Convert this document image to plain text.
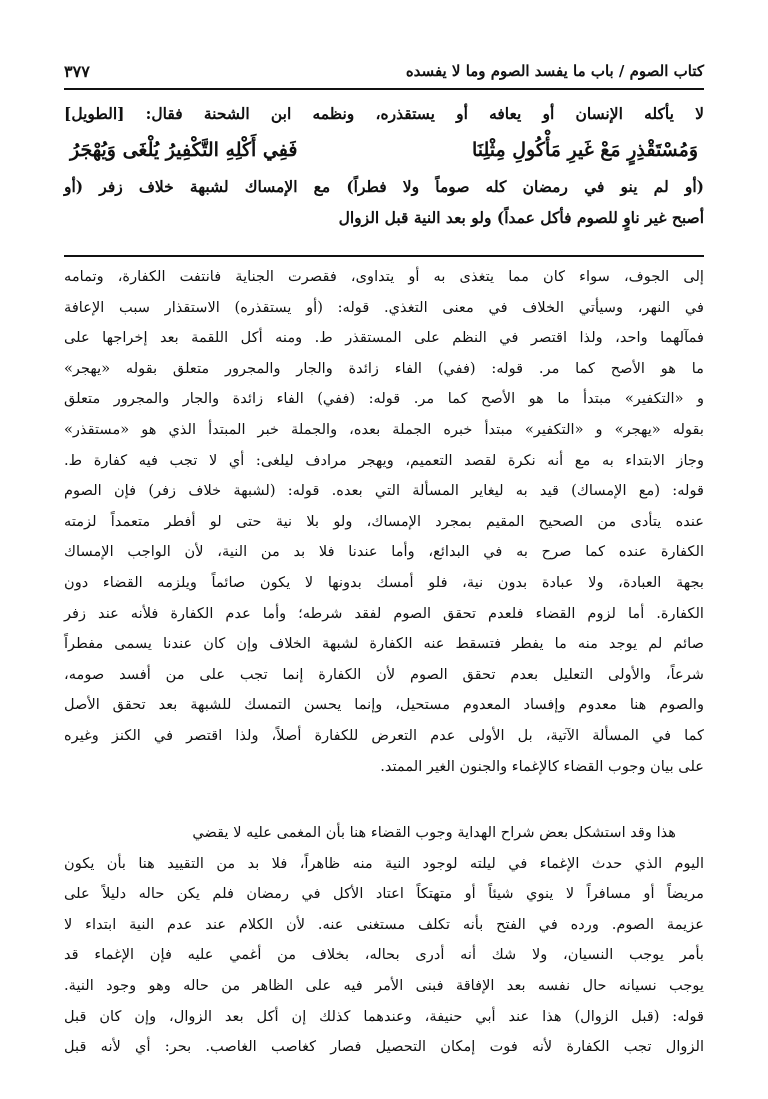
كتاب الصوم / باب ما يفسد الصوم وما لا يفسده
٣٧٧
لا يأكله الإنسان أو يعافه أو يستقذره، ونظمه ابن الشحنة فقال: [الطويل]
وَمُسْتَقْذِرٍ مَعْ غَيرِ مَأْكُولِ مِثْلِنَا
فَفِي أَكْلِهِ التَّكْفِيرُ يُلْغَى وَيُهْجَرُ
(أو لم ينو في رمضان كله صوماً ولا فطراً) مع الإمساك لشبهة خلاف زفر (أو
أصبح غير ناوٍ للصوم فأكل عمداً) ولو بعد النية قبل الزوال
إلى الجوف، سواء كان مما يتغذى به أو يتداوى، فقصرت الجناية فانتفت الكفارة، وتمامه
في النهر، وسيأتي الخلاف في معنى التغذي. قوله: (أو يستقذره) الاستقذار سبب الإعافة
فمآلهما واحد، ولذا اقتصر في النظم على المستقذر ط. ومنه أكل اللقمة بعد إخراجها على
ما هو الأصح كما مر. قوله: (ففي) الفاء زائدة والجار والمجرور متعلق بقوله «يهجر»
و «التكفير» مبتدأ ما هو الأصح كما مر. قوله: (ففي) الفاء زائدة والجار والمجرور متعلق
بقوله «يهجر» و «التكفير» مبتدأ خبره الجملة بعده، والجملة خبر المبتدأ الذي هو «مستقذر»
وجاز الابتداء به مع أنه نكرة لقصد التعميم، ويهجر مرادف ليلغى: أي لا تجب فيه كفارة ط.
قوله: (مع الإمساك) قيد به ليغاير المسألة التي بعده. قوله: (لشبهة خلاف زفر) فإن الصوم
عنده يتأدى من الصحيح المقيم بمجرد الإمساك، ولو بلا نية حتى لو أفطر متعمداً لزمته
الكفارة عنده كما صرح به في البدائع، وأما عندنا فلا بد من النية، لأن الواجب الإمساك
بجهة العبادة، ولا عبادة بدون نية، فلو أمسك بدونها لا يكون صائماً ويلزمه القضاء دون
الكفارة. أما لزوم القضاء فلعدم تحقق الصوم لفقد شرطه؛ وأما عدم الكفارة فلأنه عند زفر
صائم لم يوجد منه ما يفطر فتسقط عنه الكفارة لشبهة الخلاف وإن كان عندنا يسمى مفطراً
شرعاً، والأولى التعليل بعدم تحقق الصوم لأن الكفارة إنما تجب على من أفسد صومه،
والصوم هنا معدوم وإفساد المعدوم مستحيل، وإنما يحسن التمسك للشبهة بعد تحقق الأصل
كما في المسألة الآتية، بل الأولى عدم التعرض للكفارة أصلاً، ولذا اقتصر في الكنز وغيره
على بيان وجوب القضاء كالإغماء والجنون الغير الممتد.
هذا وقد استشكل بعض شراح الهداية وجوب القضاء هنا بأن المغمى عليه لا يقضي
اليوم الذي حدث الإغماء في ليلته لوجود النية منه ظاهراً، فلا بد من التقييد هنا بأن يكون
مريضاً أو مسافراً لا ينوي شيئاً أو متهتكاً اعتاد الأكل في رمضان فلم يكن حاله دليلاً على
عزيمة الصوم. ورده في الفتح بأنه تكلف مستغنى عنه. لأن الكلام عند عدم النية ابتداء لا
بأمر يوجب النسيان، ولا شك أنه أدرى بحاله، بخلاف من أغمي عليه فإن الإغماء قد
يوجب نسيانه حال نفسه بعد الإفاقة فبنى الأمر فيه على الظاهر من حاله وهو وجود النية.
قوله: (قبل الزوال) هذا عند أبي حنيفة، وعندهما كذلك إن أكل بعد الزوال، وإن كان قبل
الزوال تجب الكفارة لأنه فوت إمكان التحصيل فصار كغاصب الغاصب. بحر: أي لأنه قبل
